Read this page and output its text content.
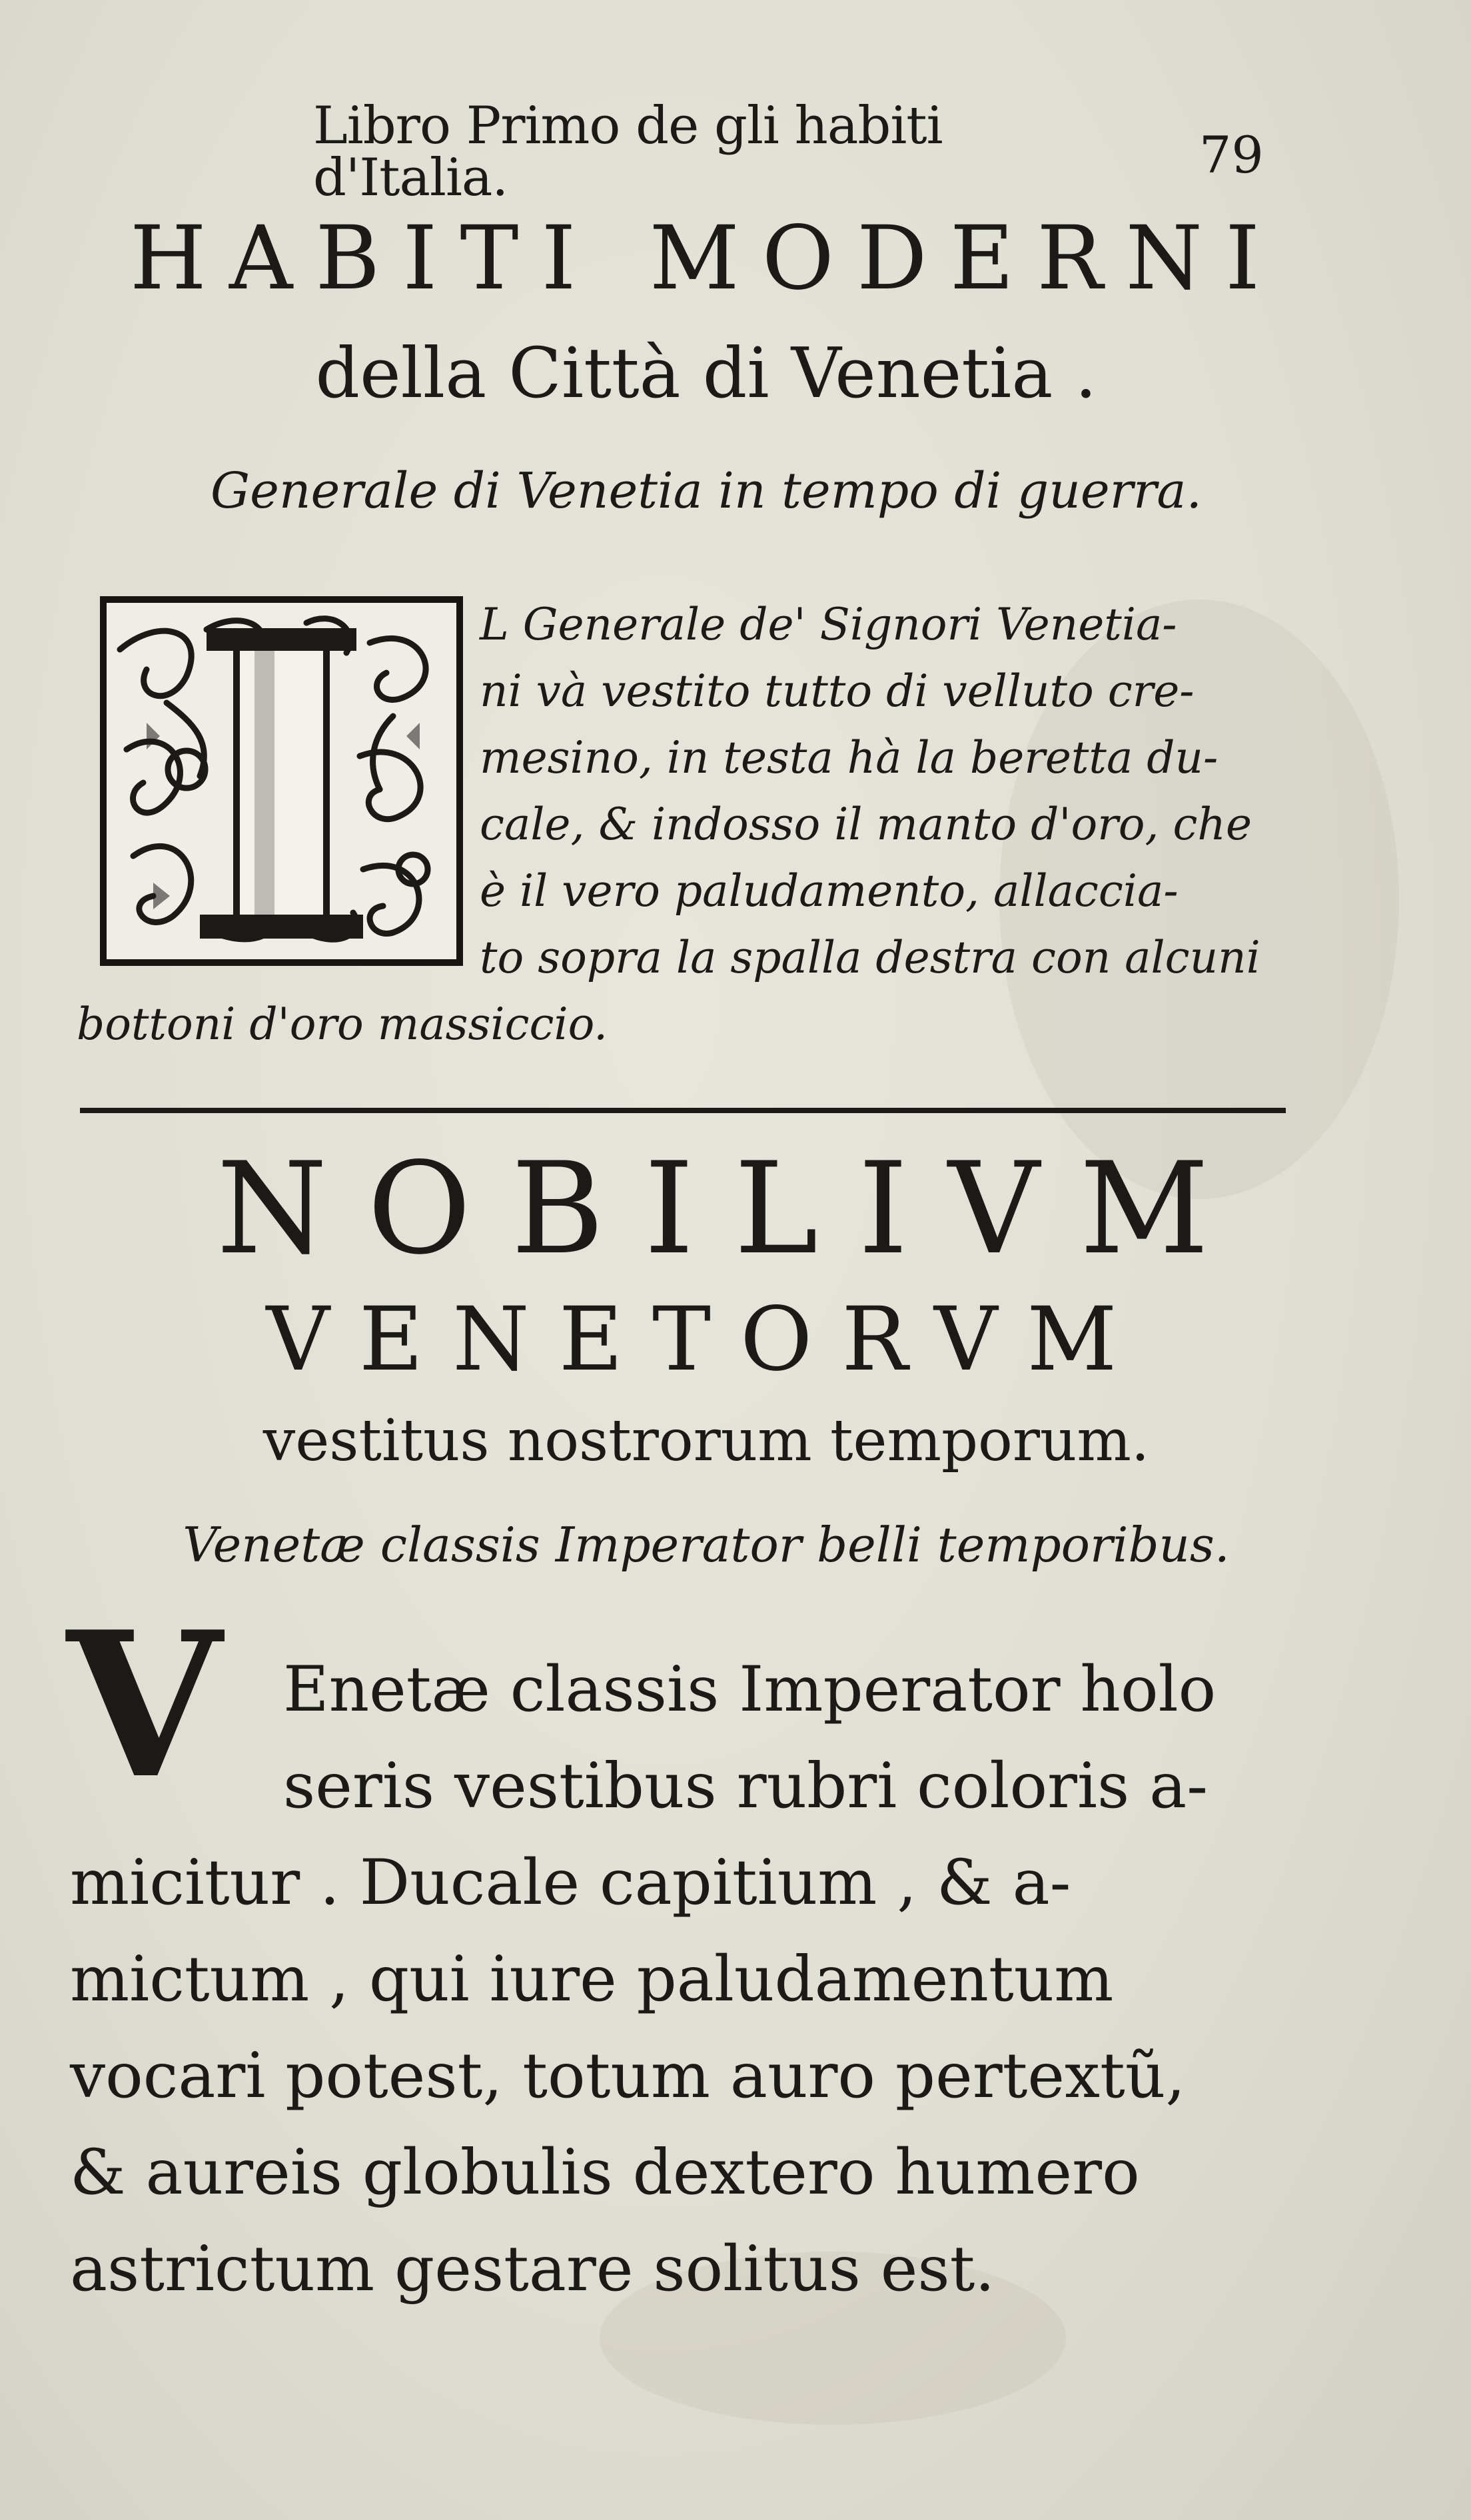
Libro Primo de gli habiti d'Italia.	79
HABITI MODERNI
della Città di Venetia .
Generale di Venetia in tempo di guerra.
L Generale de' Signori Venetia-
ni và vestito tutto di velluto cre-
mesino, in testa hà la beretta du-
cale, & indosso il manto d'oro, che
è il vero paludamento, allaccia-
to sopra la spalla destra con alcuni
bottoni d'oro massiccio.
NOBILIVM
VENETORVM
vestitus nostrorum temporum.
Venetæ classis Imperator belli temporibus.
V Enetæ classis Imperator holo
seris vestibus rubri coloris a-
micitur . Ducale capitium , & a-
mictum , qui iure paludamentum
vocari potest, totum auro pertextũ,
& aureis globulis dextero humero
astrictum gestare solitus est.
